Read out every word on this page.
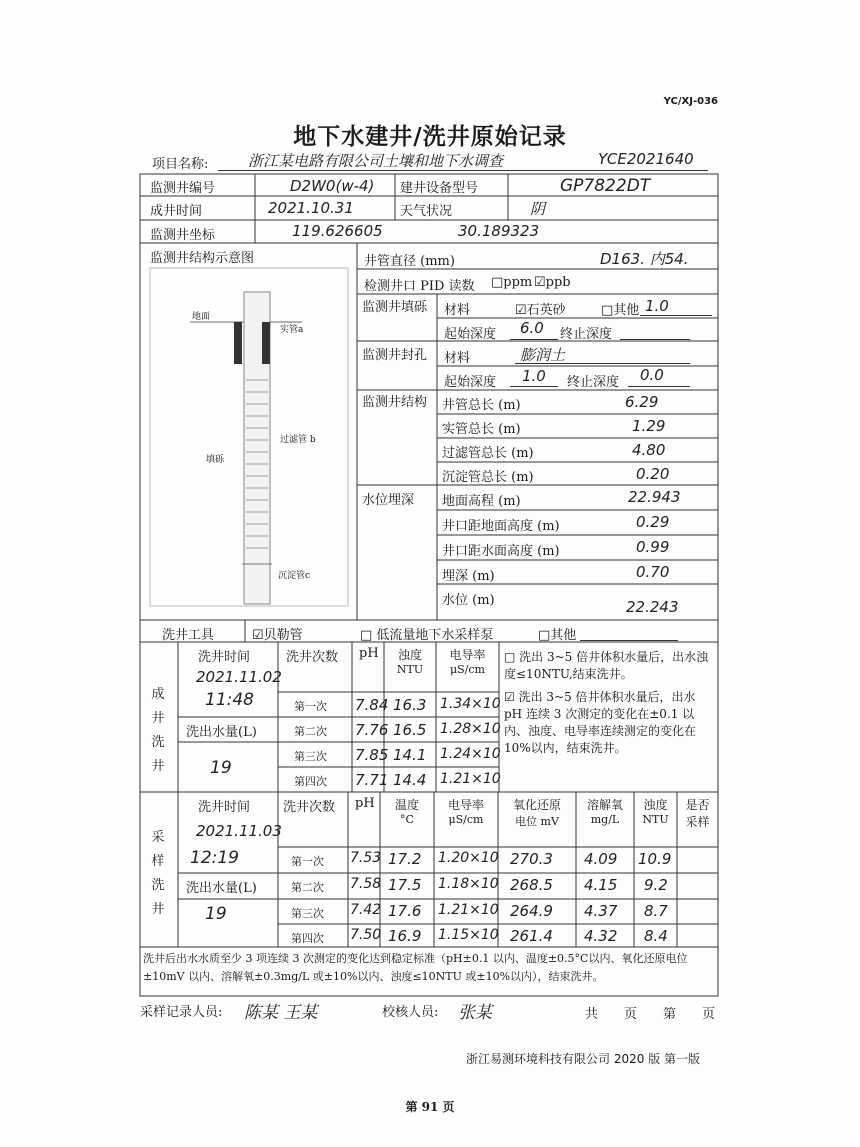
YC/XJ-036
地下水建井/洗井原始记录
项目名称:	浙江某电路有限公司土壤和地下水调查	YCE2021640
监测井编号	D2W0(w-4) 建井设备型号	GP7822DT
成井时间	2021.10.31	天气状况	阴
监测井坐标	119.626605	30.189323
监测井结构示意图
地面
实管a
过滤管 b
填砾
沉淀管c
井管直径 (mm)	D163. 内54.
检测井口 PID 读数 □ppm ☑ppb
监测井填砾	材料	☑石英砂	□其他 1.0
起始深度 6.0 终止深度
监测井封孔	材料	膨润土
起始深度 1.0 终止深度 0.0
监测井结构	井管总长 (m)	6.29
实管总长 (m)	1.29
过滤管总长 (m)	4.80
沉淀管总长 (m)	0.20
水位埋深 地面高程 (m)	22.943
井口距地面高度 (m)	0.29
井口距水面高度 (m)	0.99
埋深 (m)	0.70
水位 (m)	22.243
洗井工具	☑贝勒管	□ 低流量地下水采样泵	□其他
成
井
洗
井
洗井时间
2021.11.02
11:48
洗出水量(L)
19
洗井次数 pH	浊度
NTU
电导率
μS/cm
第一次 7.84 16.3 1.34×10
第二次 7.76 16.5 1.28×10
第三次 7.85 14.1 1.24×10
第四次 7.71 14.4 1.21×10
□ 洗出 3~5 倍井体积水量后，出水浊度≤10NTU,结束洗井。
☑ 洗出 3~5 倍井体积水量后，出水 pH 连续 3 次测定的变化在±0.1 以内、浊度、电导率连续测定的变化在 10%以内，结束洗井。
采
样
洗
井
洗井时间
2021.11.03
12:19
洗出水量(L)
19
洗井次数 pH	温度
°C
电导率
μS/cm
氧化还原
电位 mV
溶解氧
mg/L
浊度
NTU
是否
采样
第一次 7.53 17.2 1.20×10 270.3 4.09 10.9
第二次 7.58 17.5 1.18×10 268.5 4.15 9.2
第三次 7.42 17.6 1.21×10 264.9 4.37 8.7
第四次 7.50 16.9 1.15×10 261.4 4.32 8.4
洗井后出水水质至少 3 项连续 3 次测定的变化达到稳定标准（pH±0.1 以内、温度±0.5°C以内、氧化还原电位±10mV 以内、溶解氧±0.3mg/L 或±10%以内、浊度≤10NTU 或±10%以内），结束洗井。
采样记录人员: 陈某 王某	校核人员: 张某	共　　页　　第　　页
浙江易测环境科技有限公司 2020 版 第一版
第 91 页
